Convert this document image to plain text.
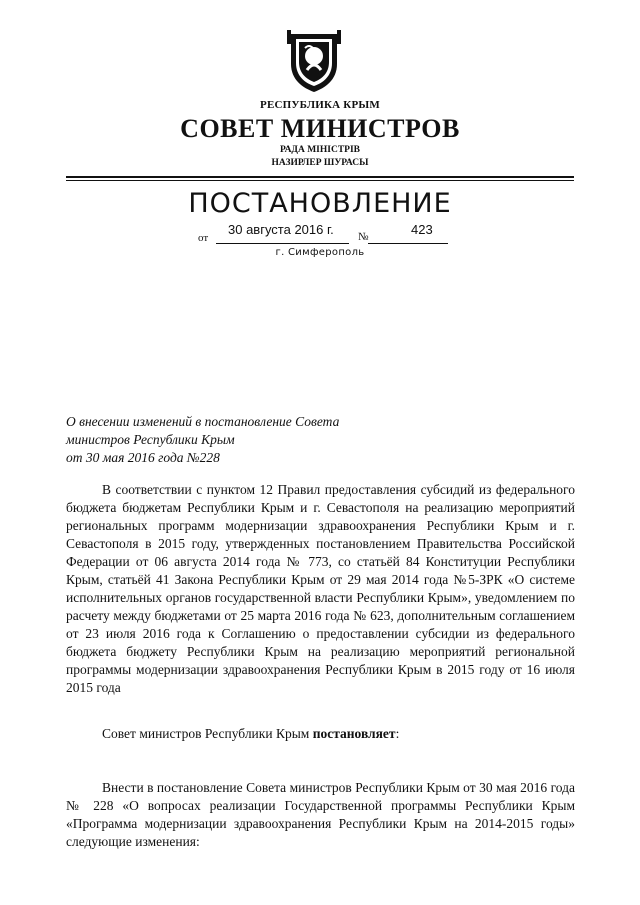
РЕСПУБЛИКА КРЫМ
СОВЕТ МИНИСТРОВ
РАДА МІНІСТРІВ
НАЗИРЛЕР ШУРАСЫ
ПОСТАНОВЛЕНИЕ
от
30 августа 2016 г. №	423
г. Симферополь
О внесении изменений в постановление Совета
министров Республики Крым
от 30 мая 2016 года №228
В соответствии с пунктом 12 Правил предоставления субсидий из федерального бюджета бюджетам Республики Крым и г. Севастополя на реализацию мероприятий региональных программ модернизации здравоохранения Республики Крым и г. Севастополя в 2015 году, утвержденных постановлением Правительства Российской Федерации от 06 августа 2014 года № 773, со статьёй 84 Конституции Республики Крым, статьёй 41 Закона Республики Крым от 29 мая 2014 года №5-ЗРК «О системе исполнительных органов государственной власти Республики Крым», уведомлением по расчету между бюджетами от 25 марта 2016 года № 623, дополнительным соглашением от 23 июля 2016 года к Соглашению о предоставлении субсидии из федерального бюджета бюджету Республики Крым на реализацию мероприятий региональной программы модернизации здравоохранения Республики Крым в 2015 году от 16 июля 2015 года
Совет министров Республики Крым постановляет:
Внести в постановление Совета министров Республики Крым от 30 мая 2016 года № 228 «О вопросах реализации Государственной программы Республики Крым «Программа модернизации здравоохранения Республики Крым на 2014-2015 годы» следующие изменения:
